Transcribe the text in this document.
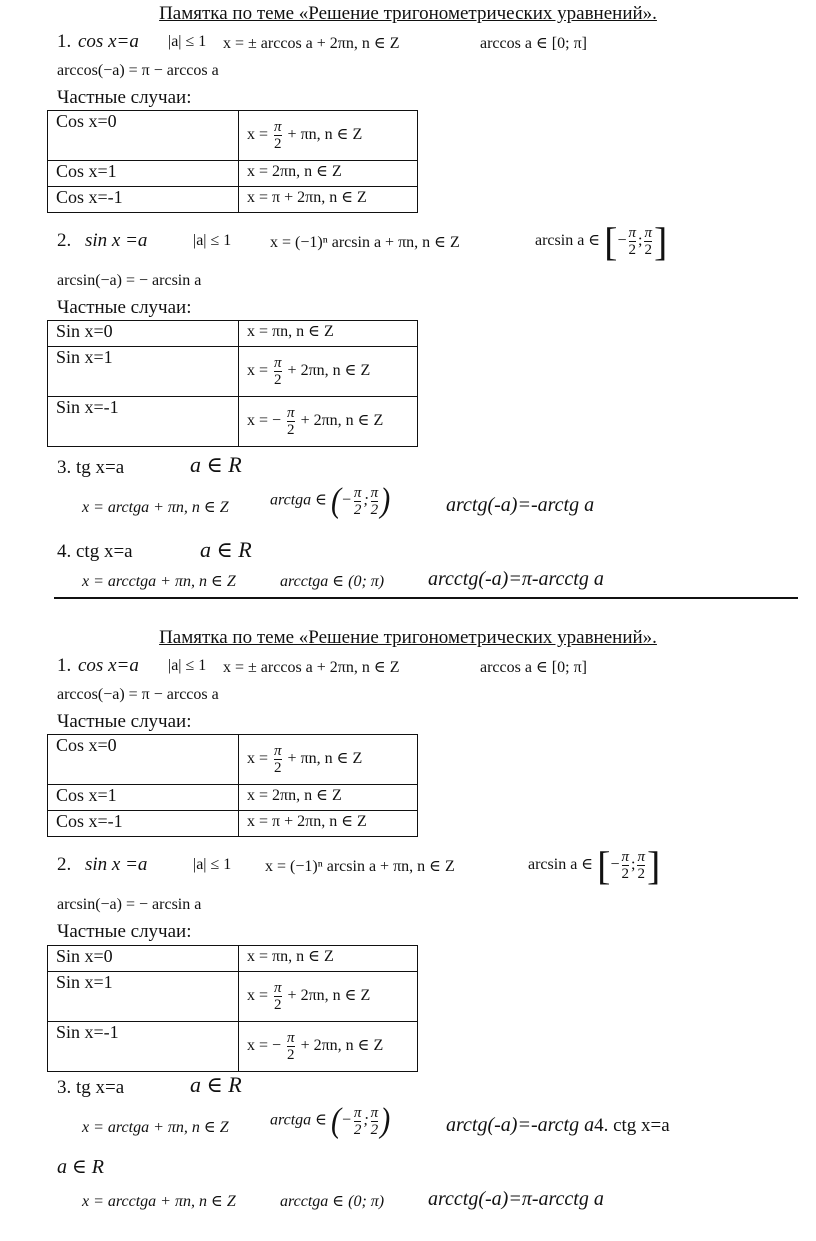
Памятка по теме «Решение тригонометрических уравнений».
1. cos x=a |a| ≤ 1 x = ± arccos a + 2πn, n ∈ Z	arccos a ∈ [0; π]
arccos(−a) = π − arccos a
Частные случаи:
Cos x=0	$x = \frac{\pi}{2} + \pi n$, n ∈ Z
Cos x=1	x = 2πn, n ∈ Z
Cos x=-1	x = π + 2πn, n ∈ Z
2. sin x =a	|a| ≤ 1 x = (−1)ⁿ arcsin a + πn, n ∈ Z	arcsin a ∈ [− $\frac{\pi}{2}$ ; $\frac{\pi}{2}$ ]
arcsin(−a) = − arcsin a
Частные случаи:
Sin x=0	x = πn, n ∈ Z
Sin x=1	$x = \frac{\pi}{2} + 2\pi n$, n ∈ Z
Sin x=-1	x = − $\frac{\pi}{2} + 2\pi n$, n ∈ Z
3. tg x=a	a ∈ R
x = arctga + πn, n ∈ Z	arctga ∈ (− $\frac{\pi}{2}$ ; $\frac{\pi}{2}$ )	arctg(-a)=-arctg a
4. ctg x=a	a ∈ R
x = arcctga + πn, n ∈ Z	arcctga ∈ (0; π) arcctg(-a)=π-arcctg a
Памятка по теме «Решение тригонометрических уравнений».
1. cos x=a |a| ≤ 1 x = ± arccos a + 2πn, n ∈ Z	arccos a ∈ [0; π]
arccos(−a) = π − arccos a
Частные случаи:
Cos x=0	$x = \frac{\pi}{2} + \pi n$, n ∈ Z
Cos x=1	x = 2πn, n ∈ Z
Cos x=-1	x = π + 2πn, n ∈ Z
2. sin x =a	|a| ≤ 1 x = (−1)ⁿ arcsin a + πn, n ∈ Z	arcsin a ∈ [− $\frac{\pi}{2}$ ; $\frac{\pi}{2}$ ]
arcsin(−a) = − arcsin a
Частные случаи:
Sin x=0	x = πn, n ∈ Z
Sin x=1	$x = \frac{\pi}{2} + 2\pi n$, n ∈ Z
Sin x=-1	x = − $\frac{\pi}{2} + 2\pi n$, n ∈ Z
3. tg x=a	a ∈ R
x = arctga + πn, n ∈ Z	arctga ∈ (− $\frac{\pi}{2}$ ; $\frac{\pi}{2}$ )	arctg(-a)=-arctg a4. ctg x=a
a ∈ R
x = arcctga + πn, n ∈ Z	arcctga ∈ (0; π) arcctg(-a)=π-arcctg a
